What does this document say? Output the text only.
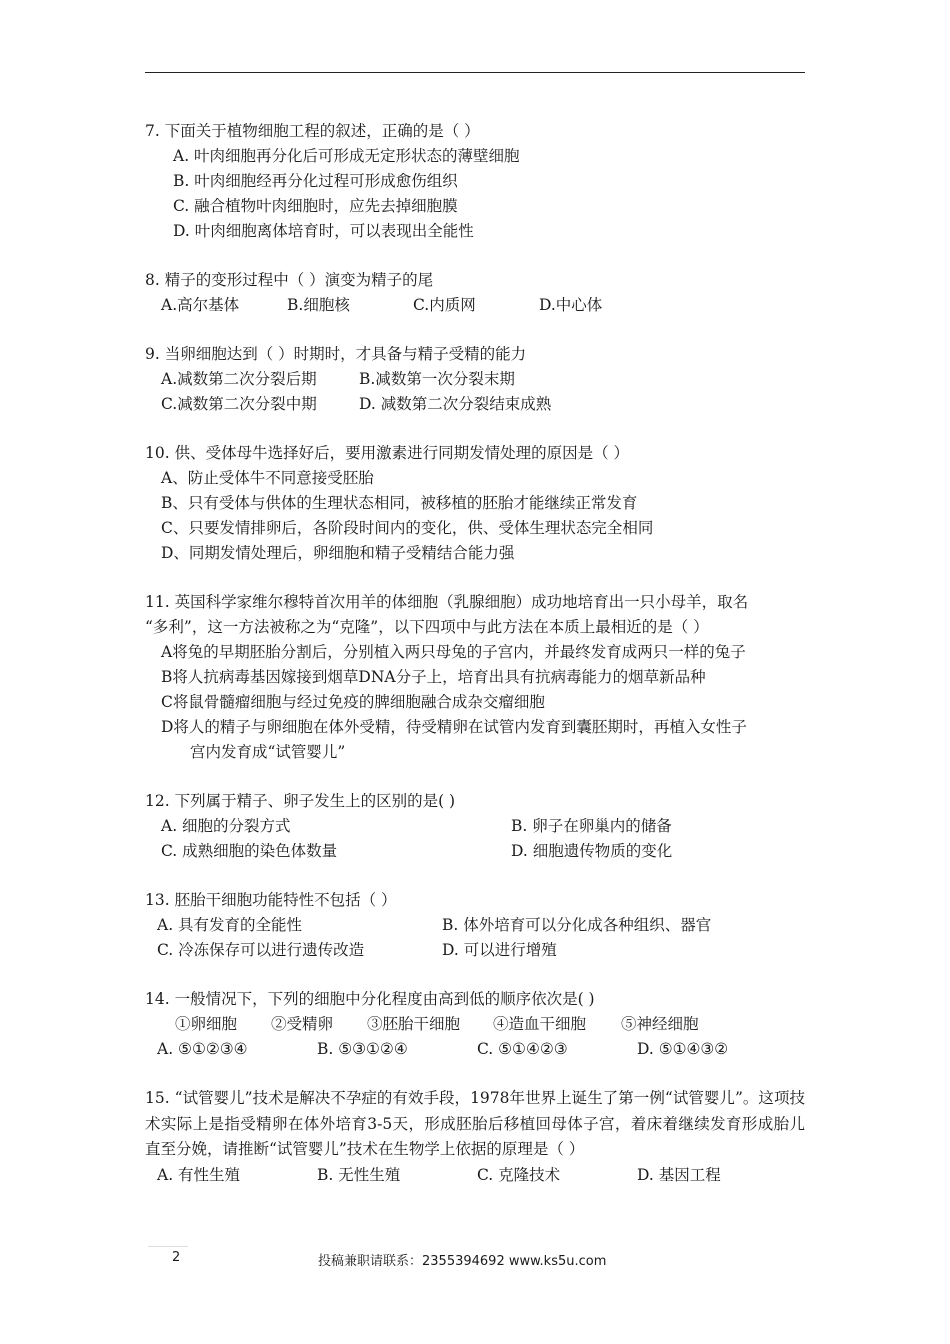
7. 下面关于植物细胞工程的叙述，正确的是（ ）
A. 叶肉细胞再分化后可形成无定形状态的薄壁细胞
B. 叶肉细胞经再分化过程可形成愈伤组织
C. 融合植物叶肉细胞时，应先去掉细胞膜
D. 叶肉细胞离体培育时，可以表现出全能性
8. 精子的变形过程中（ ）演变为精子的尾
A.高尔基体	B.细胞核	C.内质网	D.中心体
9. 当卵细胞达到（ ）时期时，才具备与精子受精的能力
A.减数第二次分裂后期	B.减数第一次分裂末期
C.减数第二次分裂中期	D. 减数第二次分裂结束成熟
10. 供、受体母牛选择好后，要用激素进行同期发情处理的原因是（ ）
A、防止受体牛不同意接受胚胎
B、只有受体与供体的生理状态相同，被移植的胚胎才能继续正常发育
C、只要发情排卵后，各阶段时间内的变化，供、受体生理状态完全相同
D、同期发情处理后，卵细胞和精子受精结合能力强
11. 英国科学家维尔穆特首次用羊的体细胞（乳腺细胞）成功地培育出一只小母羊，取名
“多利”，这一方法被称之为“克隆”，以下四项中与此方法在本质上最相近的是（ ）
A将兔的早期胚胎分割后，分别植入两只母兔的子宫内，并最终发育成两只一样的兔子
B将人抗病毒基因嫁接到烟草DNA分子上，培育出具有抗病毒能力的烟草新品种
C将鼠骨髓瘤细胞与经过免疫的脾细胞融合成杂交瘤细胞
D将人的精子与卵细胞在体外受精，待受精卵在试管内发育到囊胚期时，再植入女性子
宫内发育成“试管婴儿”
12. 下列属于精子、卵子发生上的区别的是( )
A. 细胞的分裂方式	B. 卵子在卵巢内的储备
C. 成熟细胞的染色体数量	D. 细胞遗传物质的变化
13. 胚胎干细胞功能特性不包括（ ）
A. 具有发育的全能性	B. 体外培育可以分化成各种组织、器官
C. 冷冻保存可以进行遗传改造	D. 可以进行增殖
14. 一般情况下，下列的细胞中分化程度由高到低的顺序依次是( )
①卵细胞 ②受精卵 ③胚胎干细胞 ④造血干细胞 ⑤神经细胞
A. ⑤①②③④	B. ⑤③①②④	C. ⑤①④②③	D. ⑤①④③②
15. “试管婴儿”技术是解决不孕症的有效手段，1978年世界上诞生了第一例“试管婴儿”。这项技术实际上是指受精卵在体外培育3-5天，形成胚胎后移植回母体子宫，着床着继续发育形成胎儿直至分娩，请推断“试管婴儿”技术在生物学上依据的原理是（ ）
A. 有性生殖	B. 无性生殖	C. 克隆技术	D. 基因工程
2	投稿兼职请联系：2355394692 www.ks5u.com
